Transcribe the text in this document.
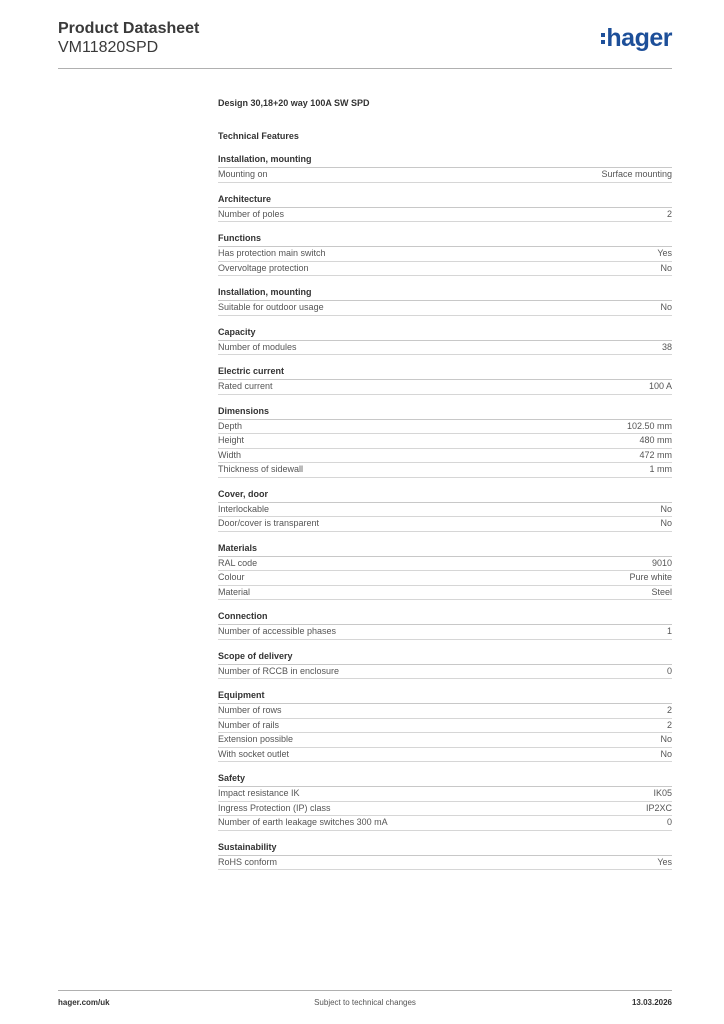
Product Datasheet
VM11820SPD	hager
Design 30,18+20 way 100A SW SPD
Technical Features
Installation, mounting
Mounting on	Surface mounting
Architecture
Number of poles	2
Functions
Has protection main switch	Yes
Overvoltage protection	No
Installation, mounting
Suitable for outdoor usage	No
Capacity
Number of modules	38
Electric current
Rated current	100 A
Dimensions
Depth	102.50 mm
Height	480 mm
Width	472 mm
Thickness of sidewall	1 mm
Cover, door
Interlockable	No
Door/cover is transparent	No
Materials
RAL code	9010
Colour	Pure white
Material	Steel
Connection
Number of accessible phases	1
Scope of delivery
Number of RCCB in enclosure	0
Equipment
Number of rows	2
Number of rails	2
Extension possible	No
With socket outlet	No
Safety
Impact resistance IK	IK05
Ingress Protection (IP) class	IP2XC
Number of earth leakage switches 300 mA	0
Sustainability
RoHS conform	Yes
hager.com/uk	Subject to technical changes	13.03.2026
